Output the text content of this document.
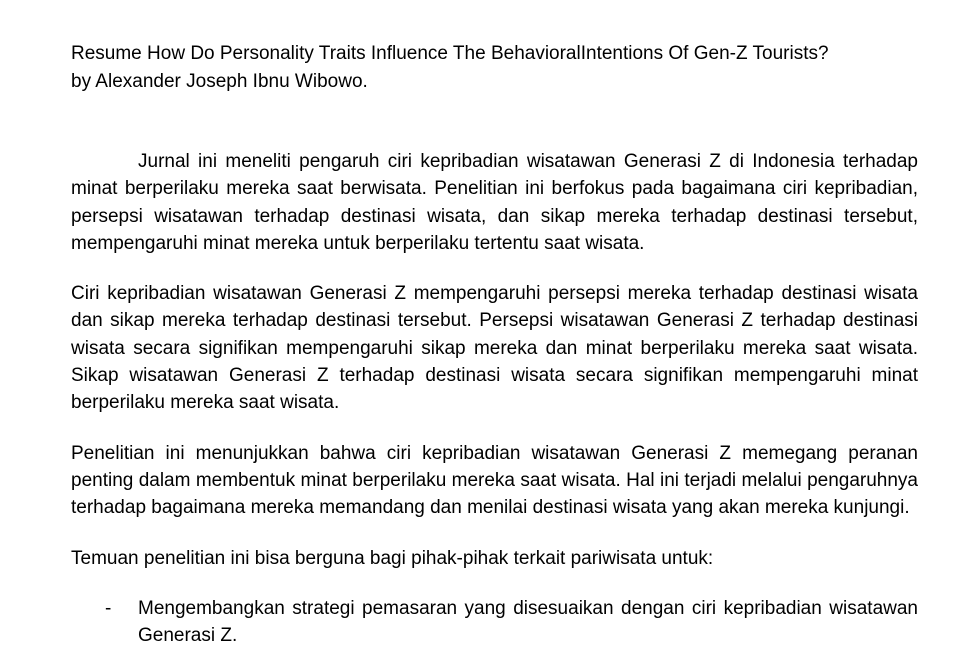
Resume How Do Personality Traits Influence The BehavioralIntentions Of Gen-Z Tourists?
by Alexander Joseph Ibnu Wibowo.

Jurnal ini meneliti pengaruh ciri kepribadian wisatawan Generasi Z di Indonesia terhadap minat berperilaku mereka saat berwisata. Penelitian ini berfokus pada bagaimana ciri kepribadian, persepsi wisatawan terhadap destinasi wisata, dan sikap mereka terhadap destinasi tersebut, mempengaruhi minat mereka untuk berperilaku tertentu saat wisata.

Ciri kepribadian wisatawan Generasi Z mempengaruhi persepsi mereka terhadap destinasi wisata dan sikap mereka terhadap destinasi tersebut. Persepsi wisatawan Generasi Z terhadap destinasi wisata secara signifikan mempengaruhi sikap mereka dan minat berperilaku mereka saat wisata. Sikap wisatawan Generasi Z terhadap destinasi wisata secara signifikan mempengaruhi minat berperilaku mereka saat wisata.

Penelitian ini menunjukkan bahwa ciri kepribadian wisatawan Generasi Z memegang peranan penting dalam membentuk minat berperilaku mereka saat wisata. Hal ini terjadi melalui pengaruhnya terhadap bagaimana mereka memandang dan menilai destinasi wisata yang akan mereka kunjungi.

Temuan penelitian ini bisa berguna bagi pihak-pihak terkait pariwisata untuk:

- Mengembangkan strategi pemasaran yang disesuaikan dengan ciri kepribadian wisatawan Generasi Z.
